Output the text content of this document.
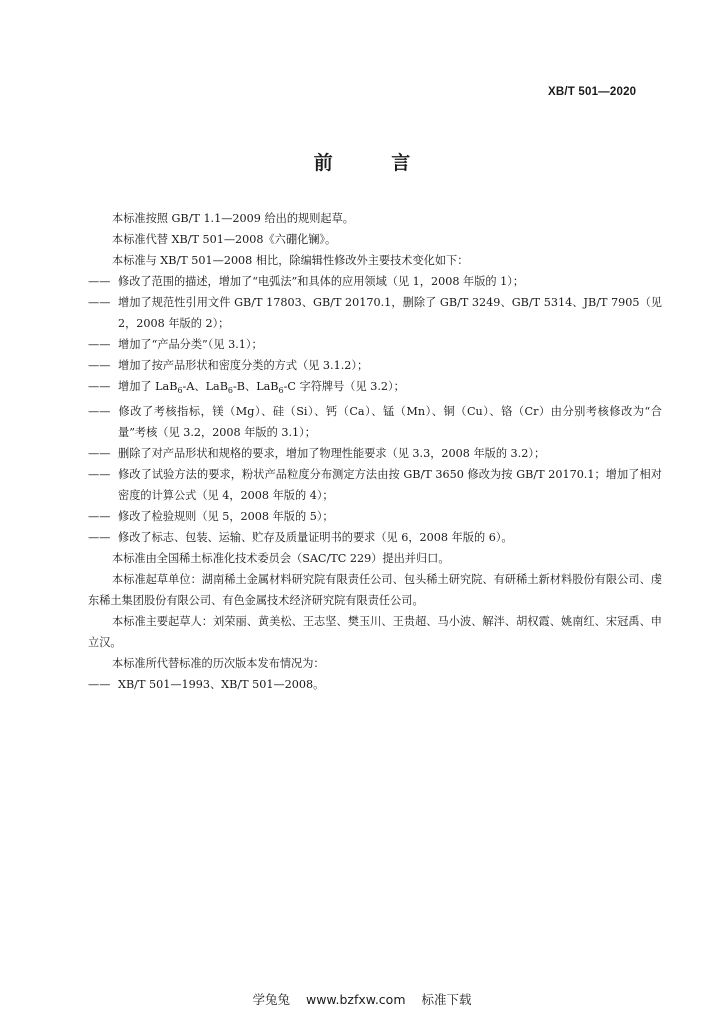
XB/T 501—2020
前 言

本标准按照 GB/T 1.1—2009 给出的规则起草。

本标准代替 XB/T 501—2008《六硼化镧》。

本标准与 XB/T 501—2008 相比，除编辑性修改外主要技术变化如下：

—— 修改了范围的描述，增加了“电弧法”和具体的应用领域（见 1，2008 年版的 1）；

—— 增加了规范性引用文件 GB/T 17803、GB/T 20170.1，删除了 GB/T 3249、GB/T 5314、JB/T 7905（见 2，2008 年版的 2）；

—— 增加了“产品分类”（见 3.1）；

—— 增加了按产品形状和密度分类的方式（见 3.1.2）；

—— 增加了 LaB$_6$-A、LaB$_6$-B、LaB$_6$-C 字符牌号（见 3.2）；

—— 修改了考核指标，镁（Mg）、硅（Si）、钙（Ca）、锰（Mn）、铜（Cu）、铬（Cr）由分别考核修改为“合量”考核（见 3.2，2008 年版的 3.1）；

—— 删除了对产品形状和规格的要求，增加了物理性能要求（见 3.3，2008 年版的 3.2）；

—— 修改了试验方法的要求，粉状产品粒度分布测定方法由按 GB/T 3650 修改为按 GB/T 20170.1；增加了相对密度的计算公式（见 4，2008 年版的 4）；

—— 修改了检验规则（见 5，2008 年版的 5）；

—— 修改了标志、包装、运输、贮存及质量证明书的要求（见 6，2008 年版的 6）。

本标准由全国稀土标准化技术委员会（SAC/TC 229）提出并归口。

本标准起草单位：湖南稀土金属材料研究院有限责任公司、包头稀土研究院、有研稀土新材料股份有限公司、虔东稀土集团股份有限公司、有色金属技术经济研究院有限责任公司。

本标准主要起草人：刘荣丽、黄美松、王志坚、樊玉川、王贵超、马小波、解泮、胡权霞、姚南红、宋冠禹、申立汉。

本标准所代替标准的历次版本发布情况为：

—— XB/T 501—1993、XB/T 501—2008。

学兔兔 www.bzfxw.com 标准下载
